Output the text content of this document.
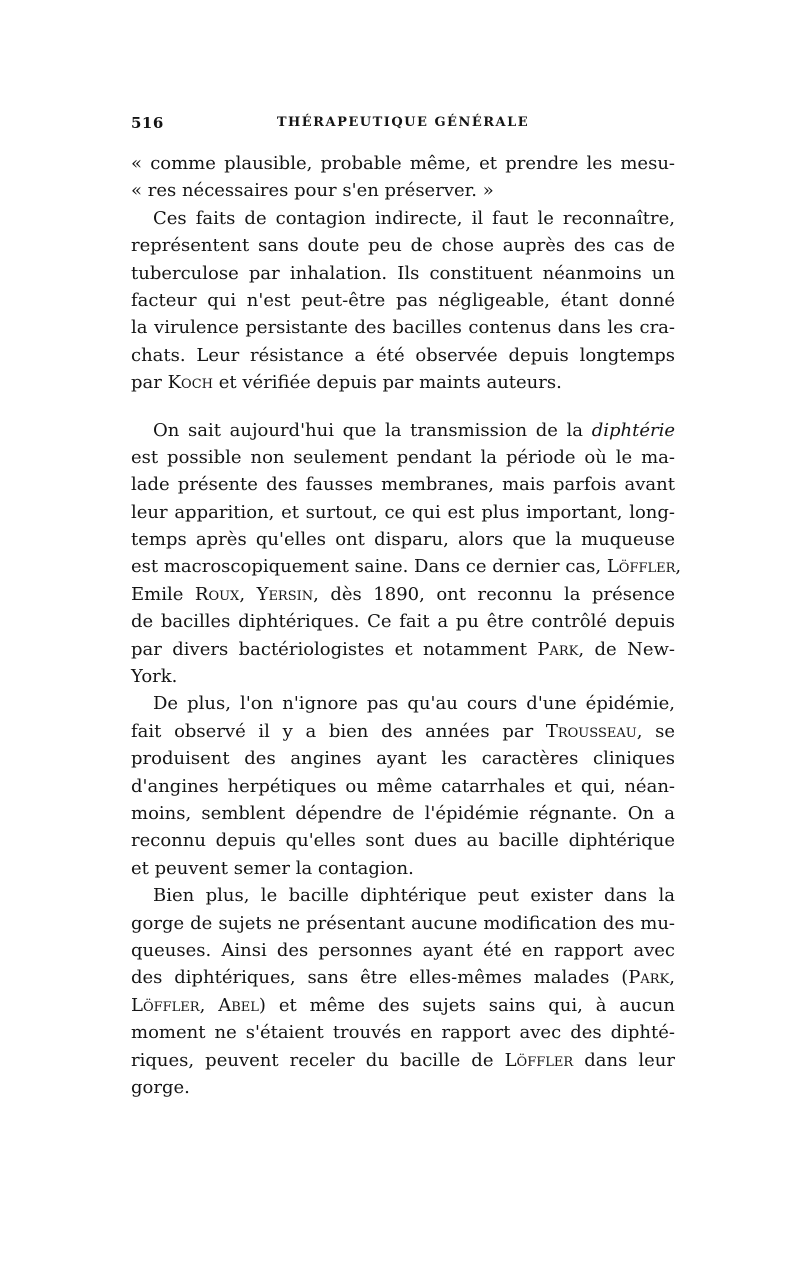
516	THÉRAPEUTIQUE GÉNÉRALE
« comme plausible, probable même, et prendre les mesu-
« res nécessaires pour s'en préserver. »
Ces faits de contagion indirecte, il faut le reconnaître,
représentent sans doute peu de chose auprès des cas de
tuberculose par inhalation. Ils constituent néanmoins un
facteur qui n'est peut-être pas négligeable, étant donné
la virulence persistante des bacilles contenus dans les cra-
chats. Leur résistance a été observée depuis longtemps
par Koch et vérifiée depuis par maints auteurs.
On sait aujourd'hui que la transmission de la diphtérie
est possible non seulement pendant la période où le ma-
lade présente des fausses membranes, mais parfois avant
leur apparition, et surtout, ce qui est plus important, long-
temps après qu'elles ont disparu, alors que la muqueuse
est macroscopiquement saine. Dans ce dernier cas, Löffler,
Emile Roux, Yersin, dès 1890, ont reconnu la présence
de bacilles diphtériques. Ce fait a pu être contrôlé depuis
par divers bactériologistes et notamment Park, de New-
York.
De plus, l'on n'ignore pas qu'au cours d'une épidémie,
fait observé il y a bien des années par Trousseau, se
produisent des angines ayant les caractères cliniques
d'angines herpétiques ou même catarrhales et qui, néan-
moins, semblent dépendre de l'épidémie régnante. On a
reconnu depuis qu'elles sont dues au bacille diphtérique
et peuvent semer la contagion.
Bien plus, le bacille diphtérique peut exister dans la
gorge de sujets ne présentant aucune modification des mu-
queuses. Ainsi des personnes ayant été en rapport avec
des diphtériques, sans être elles-mêmes malades (Park,
Löffler, Abel) et même des sujets sains qui, à aucun
moment ne s'étaient trouvés en rapport avec des diphté-
riques, peuvent receler du bacille de Löffler dans leur
gorge.
